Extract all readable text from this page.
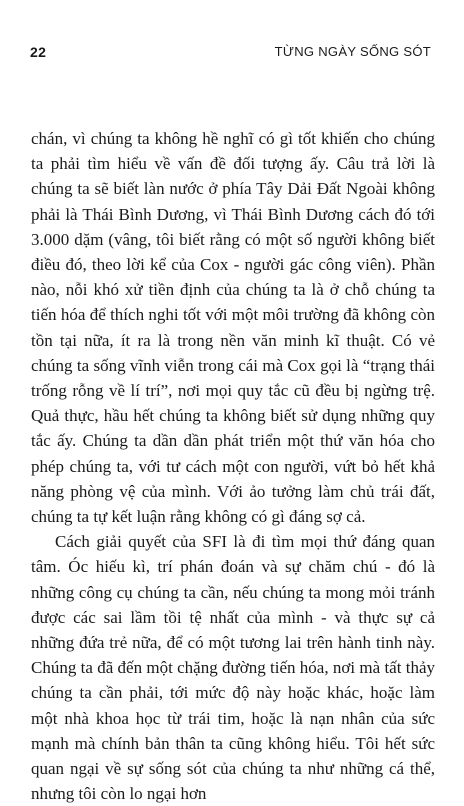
22	TỪNG NGÀY SỐNG SÓT

chán, vì chúng ta không hề nghĩ có gì tốt khiến cho chúng ta phải tìm hiểu về vấn đề đối tượng ấy. Câu trả lời là chúng ta sẽ biết làn nước ở phía Tây Dải Đất Ngoài không phải là Thái Bình Dương, vì Thái Bình Dương cách đó tới 3.000 dặm (vâng, tôi biết rằng có một số người không biết điều đó, theo lời kể của Cox - người gác công viên). Phần nào, nỗi khó xử tiền định của chúng ta là ở chỗ chúng ta tiến hóa để thích nghi tốt với một môi trường đã không còn tồn tại nữa, ít ra là trong nền văn minh kĩ thuật. Có vẻ chúng ta sống vĩnh viễn trong cái mà Cox gọi là “trạng thái trống rỗng về lí trí”, nơi mọi quy tắc cũ đều bị ngừng trệ. Quả thực, hầu hết chúng ta không biết sử dụng những quy tắc ấy. Chúng ta dần dần phát triển một thứ văn hóa cho phép chúng ta, với tư cách một con người, vứt bỏ hết khả năng phòng vệ của mình. Với ảo tưởng làm chủ trái đất, chúng ta tự kết luận rằng không có gì đáng sợ cả.

Cách giải quyết của SFI là đi tìm mọi thứ đáng quan tâm. Óc hiếu kì, trí phán đoán và sự chăm chú - đó là những công cụ chúng ta cần, nếu chúng ta mong mỏi tránh được các sai lầm tồi tệ nhất của mình - và thực sự cả những đứa trẻ nữa, để có một tương lai trên hành tinh này. Chúng ta đã đến một chặng đường tiến hóa, nơi mà tất thảy chúng ta cần phải, tới mức độ này hoặc khác, hoặc làm một nhà khoa học từ trái tim, hoặc là nạn nhân của sức mạnh mà chính bản thân ta cũng không hiểu. Tôi hết sức quan ngại về sự sống sót của chúng ta như những cá thể, nhưng tôi còn lo ngại hơn
